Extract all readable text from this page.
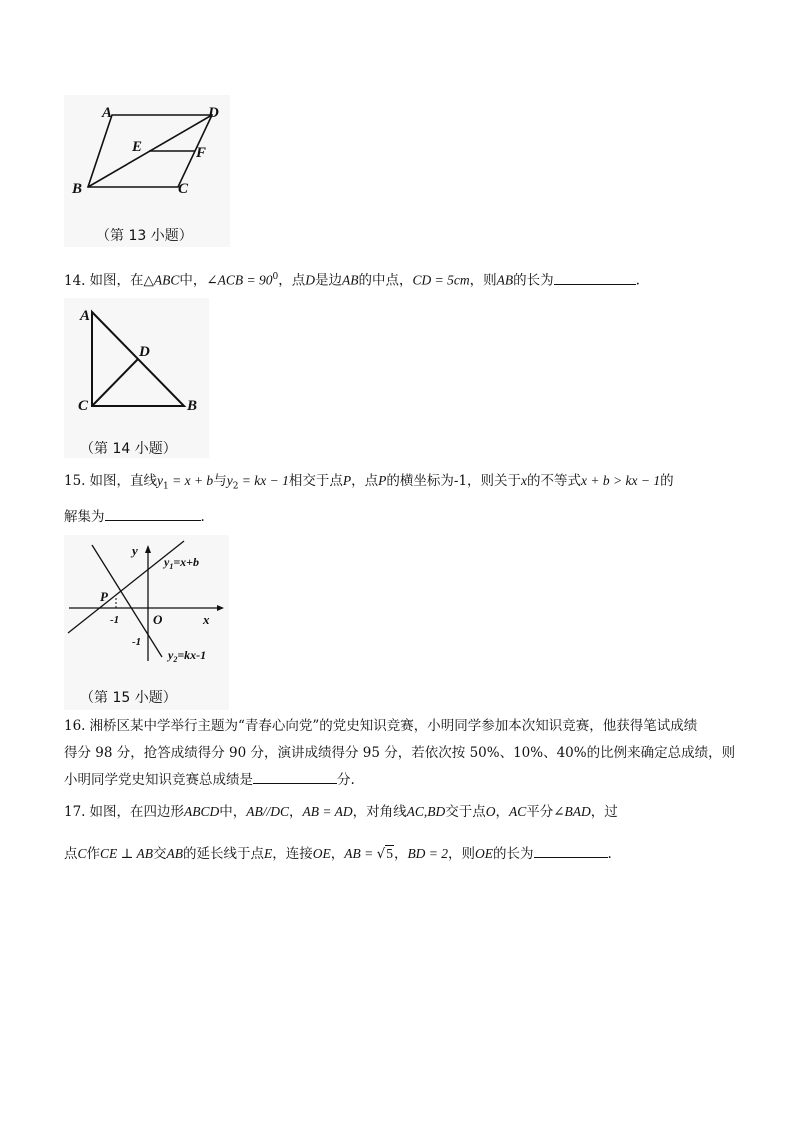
A	D
E	F
B	C
（第 13 小题）
14. 如图，在△ABC中，∠ACB = $90^0$，点D是边AB的中点，CD = 5cm，则AB的长为	.
A
D
C	B
（第 14 小题）
15. 如图，直线$y_1 = x + b$与$y_2$ = kx − 1相交于点P，点P的横坐标为-1，则关于x的不等式x + b > kx − 1的
解集为	.
y
x
O
P
-1
-1
$y_1=x+b$
$y_2=kx-1$
（第 15 小题）
16. 湘桥区某中学举行主题为“青春心向党”的党史知识竞赛，小明同学参加本次知识竞赛，他获得笔试成绩
得分 98 分，抢答成绩得分 90 分，演讲成绩得分 95 分，若依次按 50%、10%、40%的比例来确定总成绩，则
小明同学党史知识竞赛总成绩是	分.
17. 如图，在四边形ABCD中，AB//DC，AB = AD，对角线AC,BD交于点O，AC平分∠BAD，过
点C作CE ⊥ AB交AB的延长线于点E，连接OE，AB = √5，BD = 2，则OE的长为	.
